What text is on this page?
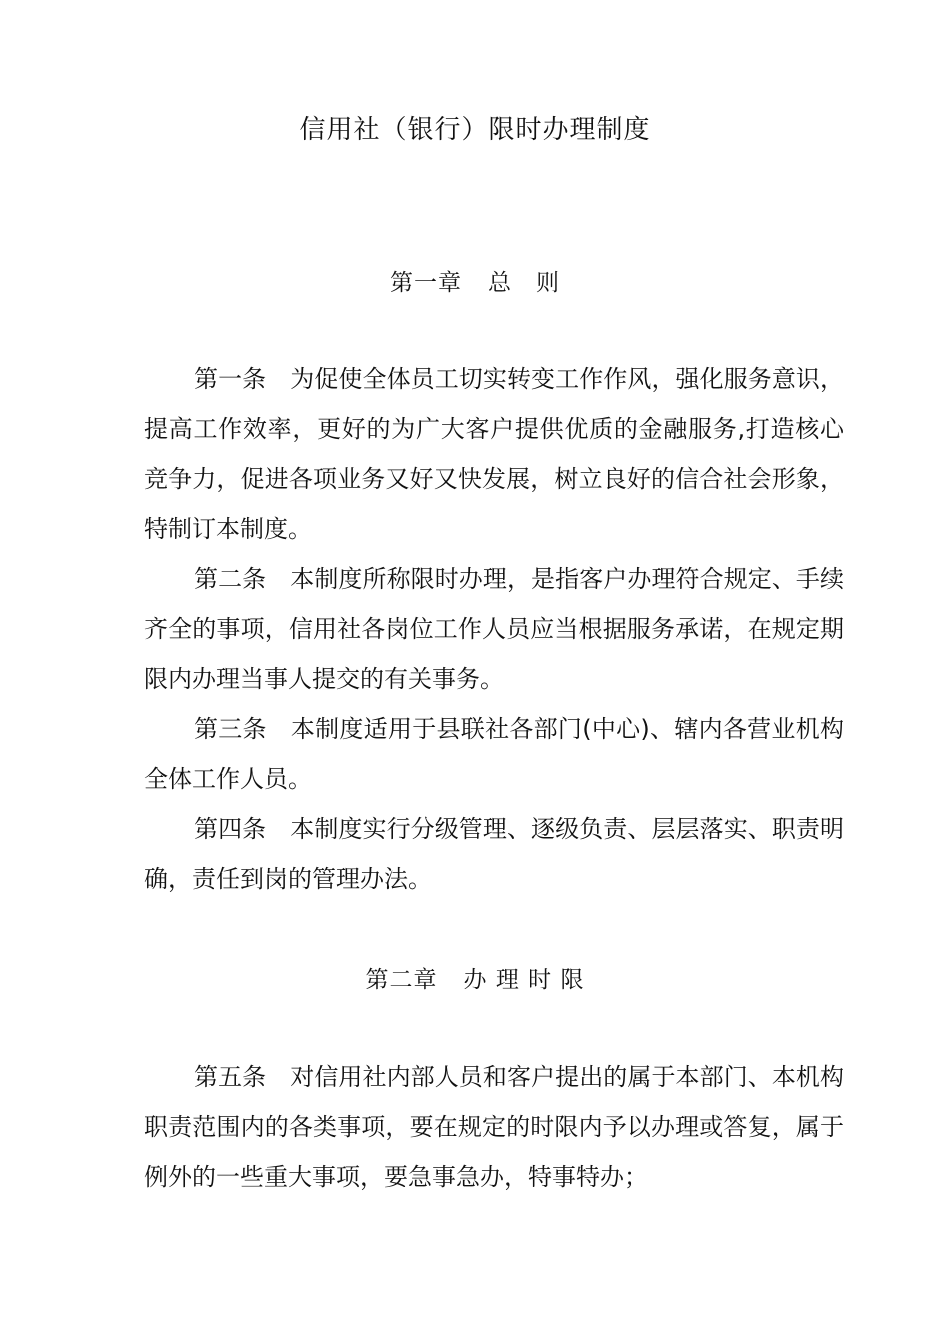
信用社（银行）限时办理制度
第一章 总　则

第一条 为促使全体员工切实转变工作作风，强化服务意识，提高工作效率，更好的为广大客户提供优质的金融服务,打造核心竞争力，促进各项业务又好又快发展，树立良好的信合社会形象，特制订本制度。

第二条 本制度所称限时办理，是指客户办理符合规定、手续齐全的事项，信用社各岗位工作人员应当根据服务承诺，在规定期限内办理当事人提交的有关事务。

第三条 本制度适用于县联社各部门(中心)、辖内各营业机构全体工作人员。

第四条 本制度实行分级管理、逐级负责、层层落实、职责明确，责任到岗的管理办法。

第二章 办 理 时 限

第五条 对信用社内部人员和客户提出的属于本部门、本机构职责范围内的各类事项，要在规定的时限内予以办理或答复，属于例外的一些重大事项，要急事急办，特事特办；
